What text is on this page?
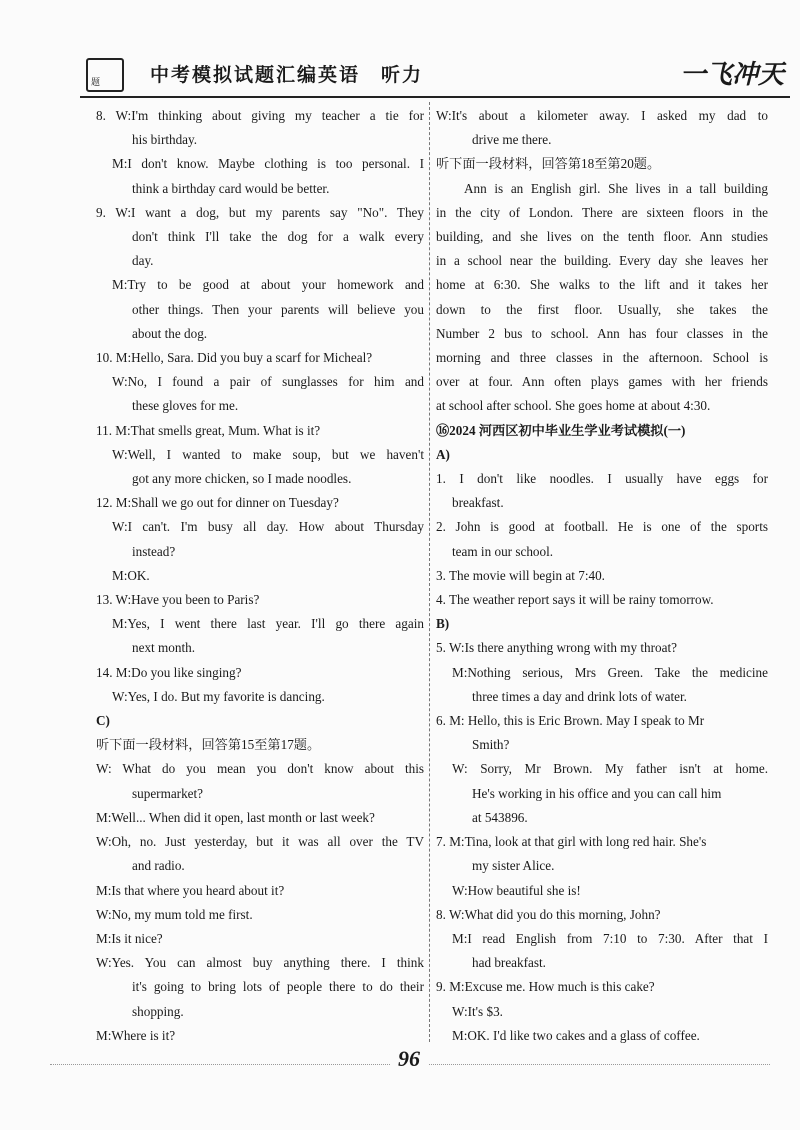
题	中考模拟试题汇编英语　听力	一飞冲天
8. W:I'm thinking about giving my teacher a tie for
his birthday.
M:I don't know. Maybe clothing is too personal. I
think a birthday card would be better.
9. W:I want a dog, but my parents say "No". They
don't think I'll take the dog for a walk every
day.
M:Try to be good at about your homework and
other things. Then your parents will believe you
about the dog.
10. M:Hello, Sara. Did you buy a scarf for Micheal?
W:No, I found a pair of sunglasses for him and
these gloves for me.
11. M:That smells great, Mum. What is it?
W:Well, I wanted to make soup, but we haven't
got any more chicken, so I made noodles.
12. M:Shall we go out for dinner on Tuesday?
W:I can't. I'm busy all day. How about Thursday
instead?
M:OK.
13. W:Have you been to Paris?
M:Yes, I went there last year. I'll go there again
next month.
14. M:Do you like singing?
W:Yes, I do. But my favorite is dancing.
C)
听下面一段材料，回答第15至第17题。
W: What do you mean you don't know about this
supermarket?
M:Well... When did it open, last month or last week?
W:Oh, no. Just yesterday, but it was all over the TV
and radio.
M:Is that where you heard about it?
W:No, my mum told me first.
M:Is it nice?
W:Yes. You can almost buy anything there. I think
it's going to bring lots of people there to do their
shopping.
M:Where is it?
W:It's about a kilometer away. I asked my dad to
drive me there.
听下面一段材料，回答第18至第20题。
Ann is an English girl. She lives in a tall building
in the city of London. There are sixteen floors in the
building, and she lives on the tenth floor. Ann studies
in a school near the building. Every day she leaves her
home at 6:30. She walks to the lift and it takes her
down to the first floor. Usually, she takes the
Number 2 bus to school. Ann has four classes in the
morning and three classes in the afternoon. School is
over at four. Ann often plays games with her friends
at school after school. She goes home at about 4:30.
⑯2024 河西区初中毕业生学业考试模拟(一)
A)
1. I don't like noodles. I usually have eggs for
breakfast.
2. John is good at football. He is one of the sports
team in our school.
3. The movie will begin at 7:40.
4. The weather report says it will be rainy tomorrow.
B)
5. W:Is there anything wrong with my throat?
M:Nothing serious, Mrs Green. Take the medicine
three times a day and drink lots of water.
6. M: Hello, this is Eric Brown. May I speak to Mr
Smith?
W: Sorry, Mr Brown. My father isn't at home.
He's working in his office and you can call him
at 543896.
7. M:Tina, look at that girl with long red hair. She's
my sister Alice.
W:How beautiful she is!
8. W:What did you do this morning, John?
M:I read English from 7:10 to 7:30. After that I
had breakfast.
9. M:Excuse me. How much is this cake?
W:It's $3.
M:OK. I'd like two cakes and a glass of coffee.
96
